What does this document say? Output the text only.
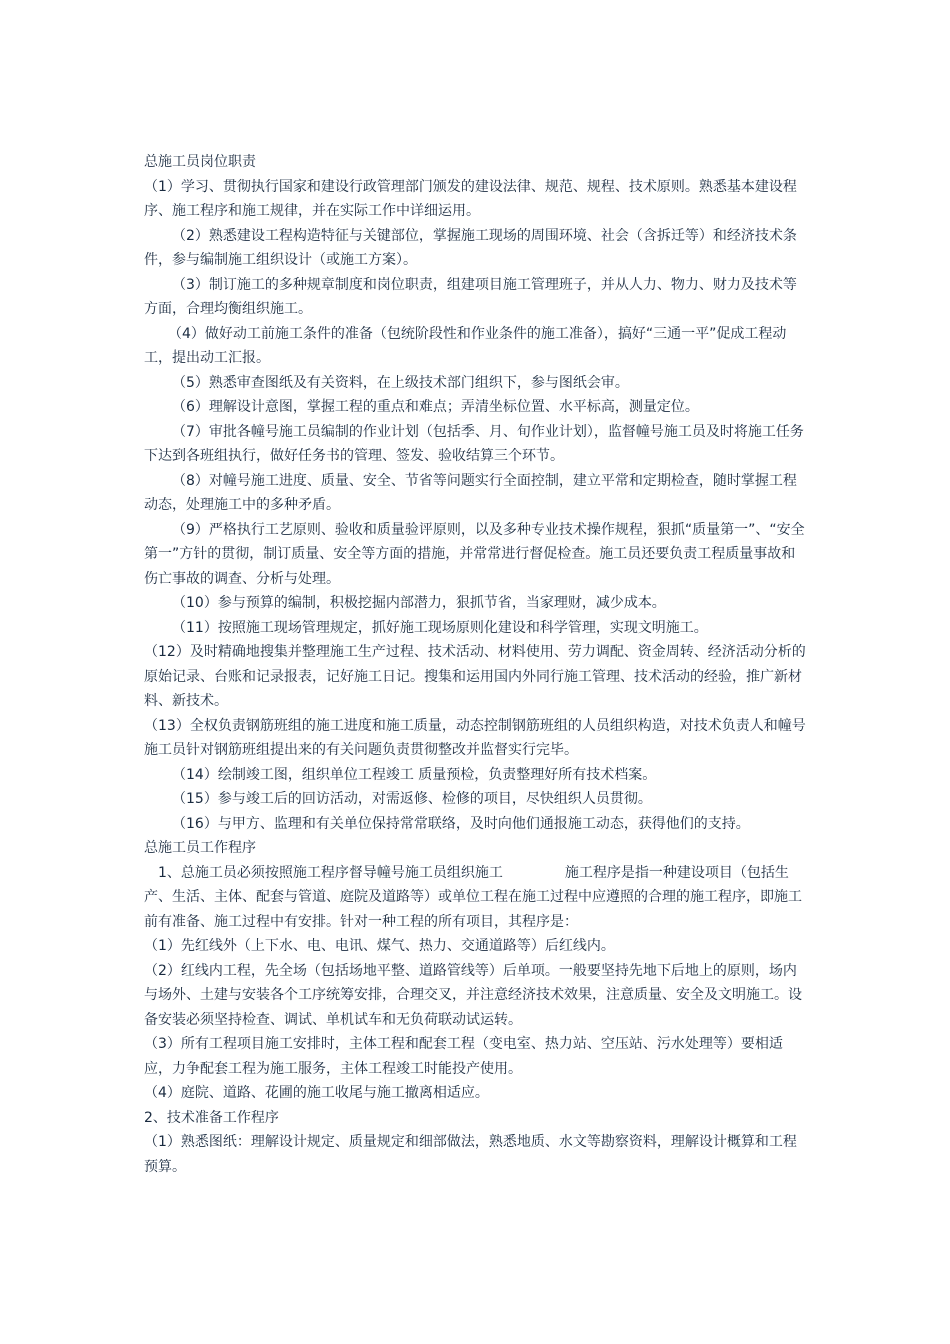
总施工员岗位职责

（1）学习、贯彻执行国家和建设行政管理部门颁发的建设法律、规范、规程、技术原则。熟悉基本建设程序、施工程序和施工规律，并在实际工作中详细运用。

（2）熟悉建设工程构造特征与关键部位，掌握施工现场的周围环境、社会（含拆迁等）和经济技术条件，参与编制施工组织设计（或施工方案）。

（3）制订施工的多种规章制度和岗位职责，组建项目施工管理班子，并从人力、物力、财力及技术等方面，合理均衡组织施工。

（4）做好动工前施工条件的准备（包统阶段性和作业条件的施工准备），搞好“三通一平”促成工程动工，提出动工汇报。

（5）熟悉审查图纸及有关资料，在上级技术部门组织下，参与图纸会审。

（6）理解设计意图，掌握工程的重点和难点；弄清坐标位置、水平标高，测量定位。

（7）审批各幢号施工员编制的作业计划（包括季、月、旬作业计划），监督幢号施工员及时将施工任务下达到各班组执行，做好任务书的管理、签发、验收结算三个环节。

（8）对幢号施工进度、质量、安全、节省等问题实行全面控制，建立平常和定期检查，随时掌握工程动态，处理施工中的多种矛盾。

（9）严格执行工艺原则、验收和质量验评原则，以及多种专业技术操作规程，狠抓“质量第一”、“安全第一”方针的贯彻，制订质量、安全等方面的措施，并常常进行督促检查。施工员还要负责工程质量事故和伤亡事故的调查、分析与处理。

（10）参与预算的编制，积极挖掘内部潜力，狠抓节省，当家理财，减少成本。

（11）按照施工现场管理规定，抓好施工现场原则化建设和科学管理，实现文明施工。

（12）及时精确地搜集并整理施工生产过程、技术活动、材料使用、劳力调配、资金周转、经济活动分析的原始记录、台账和记录报表，记好施工日记。搜集和运用国内外同行施工管理、技术活动的经验，推广新材料、新技术。

（13）全权负责钢筋班组的施工进度和施工质量，动态控制钢筋班组的人员组织构造，对技术负责人和幢号施工员针对钢筋班组提出来的有关问题负责贯彻整改并监督实行完毕。

（14）绘制竣工图，组织单位工程竣工 质量预检，负责整理好所有技术档案。

（15）参与竣工后的回访活动，对需返修、检修的项目，尽快组织人员贯彻。

（16）与甲方、监理和有关单位保持常常联络，及时向他们通报施工动态，获得他们的支持。

总施工员工作程序

1、总施工员必须按照施工程序督导幢号施工员组织施工	施工程序是指一种建设项目（包括生产、生活、主体、配套与管道、庭院及道路等）或单位工程在施工过程中应遵照的合理的施工程序，即施工前有准备、施工过程中有安排。针对一种工程的所有项目，其程序是：

（1）先红线外（上下水、电、电讯、煤气、热力、交通道路等）后红线内。

（2）红线内工程，先全场（包括场地平整、道路管线等）后单项。一般要坚持先地下后地上的原则，场内与场外、土建与安装各个工序统筹安排，合理交叉，并注意经济技术效果，注意质量、安全及文明施工。设备安装必须坚持检查、调试、单机试车和无负荷联动试运转。

（3）所有工程项目施工安排时，主体工程和配套工程（变电室、热力站、空压站、污水处理等）要相适应，力争配套工程为施工服务，主体工程竣工时能投产使用。

（4）庭院、道路、花圃的施工收尾与施工撤离相适应。

2、技术准备工作程序

（1）熟悉图纸：理解设计规定、质量规定和细部做法，熟悉地质、水文等勘察资料，理解设计概算和工程预算。
